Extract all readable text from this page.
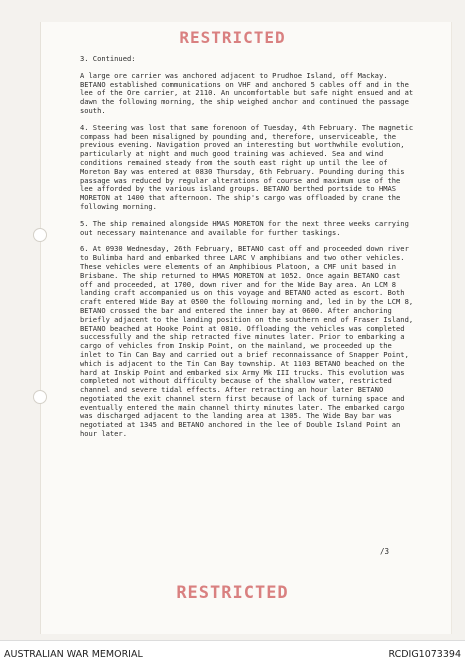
RESTRICTED

3. Continued:

A large ore carrier was anchored adjacent to Prudhoe Island, off Mackay. BETANO established communications on VHF and anchored 5 cables off and in the lee of the Ore carrier, at 2110. An uncomfortable but safe night ensued and at dawn the following morning, the ship weighed anchor and continued the passage south.

4. Steering was lost that same forenoon of Tuesday, 4th February. The magnetic compass had been misaligned by pounding and, therefore, unserviceable, the previous evening. Navigation proved an interesting but worthwhile evolution, particularly at night and much good training was achieved. Sea and wind conditions remained steady from the south east right up until the lee of Moreton Bay was entered at 0830 Thursday, 6th February. Pounding during this passage was reduced by regular alterations of course and maximum use of the lee afforded by the various island groups. BETANO berthed portside to HMAS MORETON at 1400 that afternoon. The ship's cargo was offloaded by crane the following morning.

5. The ship remained alongside HMAS MORETON for the next three weeks carrying out necessary maintenance and available for further taskings.

6. At 0930 Wednesday, 26th February, BETANO cast off and proceeded down river to Bulimba hard and embarked three LARC V amphibians and two other vehicles. These vehicles were elements of an Amphibious Platoon, a CMF unit based in Brisbane. The ship returned to HMAS MORETON at 1052. Once again BETANO cast off and proceeded, at 1700, down river and for the Wide Bay area. An LCM 8 landing craft accompanied us on this voyage and BETANO acted as escort. Both craft entered Wide Bay at 0500 the following morning and, led in by the LCM 8, BETANO crossed the bar and entered the inner bay at 0600. After anchoring briefly adjacent to the landing position on the southern end of Fraser Island, BETANO beached at Hooke Point at 0810. Offloading the vehicles was completed successfully and the ship retracted five minutes later. Prior to embarking a cargo of vehicles from Inskip Point, on the mainland, we proceeded up the inlet to Tin Can Bay and carried out a brief reconnaissance of Snapper Point, which is adjacent to the Tin Can Bay township. At 1103 BETANO beached on the hard at Inskip Point and embarked six Army Mk III trucks. This evolution was completed not without difficulty because of the shallow water, restricted channel and severe tidal effects. After retracting an hour later BETANO negotiated the exit channel stern first because of lack of turning space and eventually entered the main channel thirty minutes later. The embarked cargo was discharged adjacent to the landing area at 1305. The Wide Bay bar was negotiated at 1345 and BETANO anchored in the lee of Double Island Point an hour later.

/3
RESTRICTED
AUSTRALIAN WAR MEMORIAL	RCDIG1073394
